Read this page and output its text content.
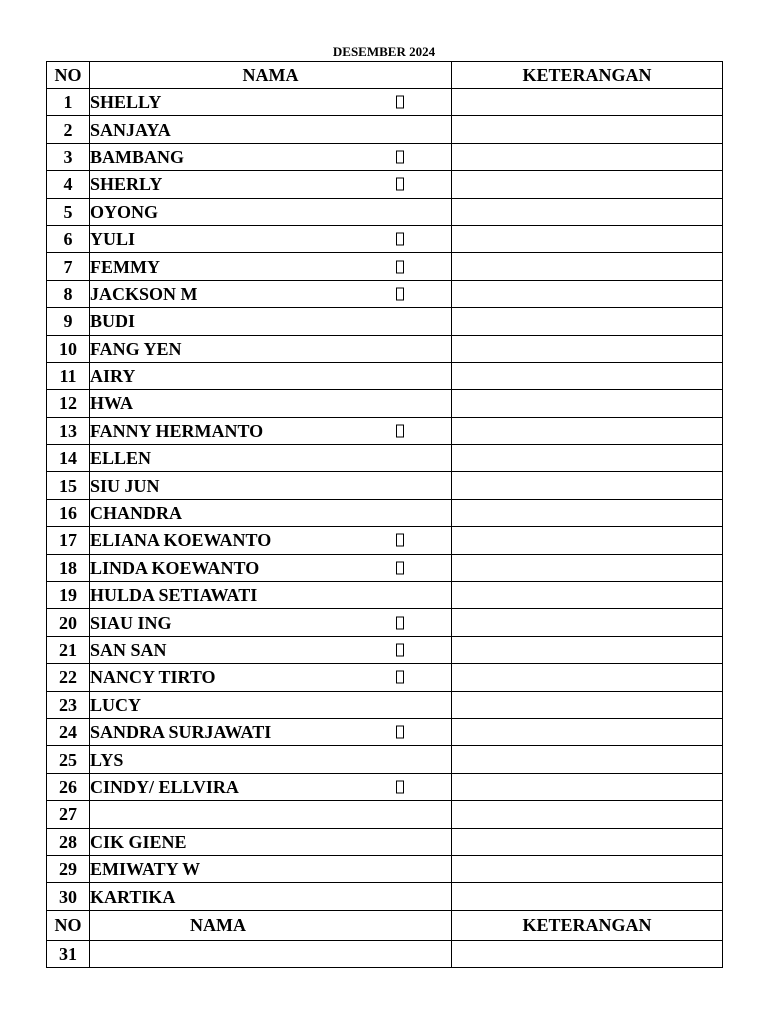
DESEMBER 2024
NO	NAMA	KETERANGAN
1	SHELLY

2	SANJAYA	
3	BAMBANG

4	SHERLY

5	OYONG	
6	YULI

7	FEMMY

8	JACKSON M

9	BUDI	
10	FANG YEN	
11	AIRY	
12	HWA	
13	FANNY HERMANTO

14	ELLEN	
15	SIU JUN	
16	CHANDRA	
17	ELIANA KOEWANTO

18	LINDA KOEWANTO

19	HULDA SETIAWATI	
20	SIAU ING

21	SAN SAN

22	NANCY TIRTO

23	LUCY	
24	SANDRA SURJAWATI

25	LYS	
26	CINDY/ ELLVIRA

27		
28	CIK GIENE	
29	EMIWATY W	
30	KARTIKA	
NO	NAMA	KETERANGAN
31		
